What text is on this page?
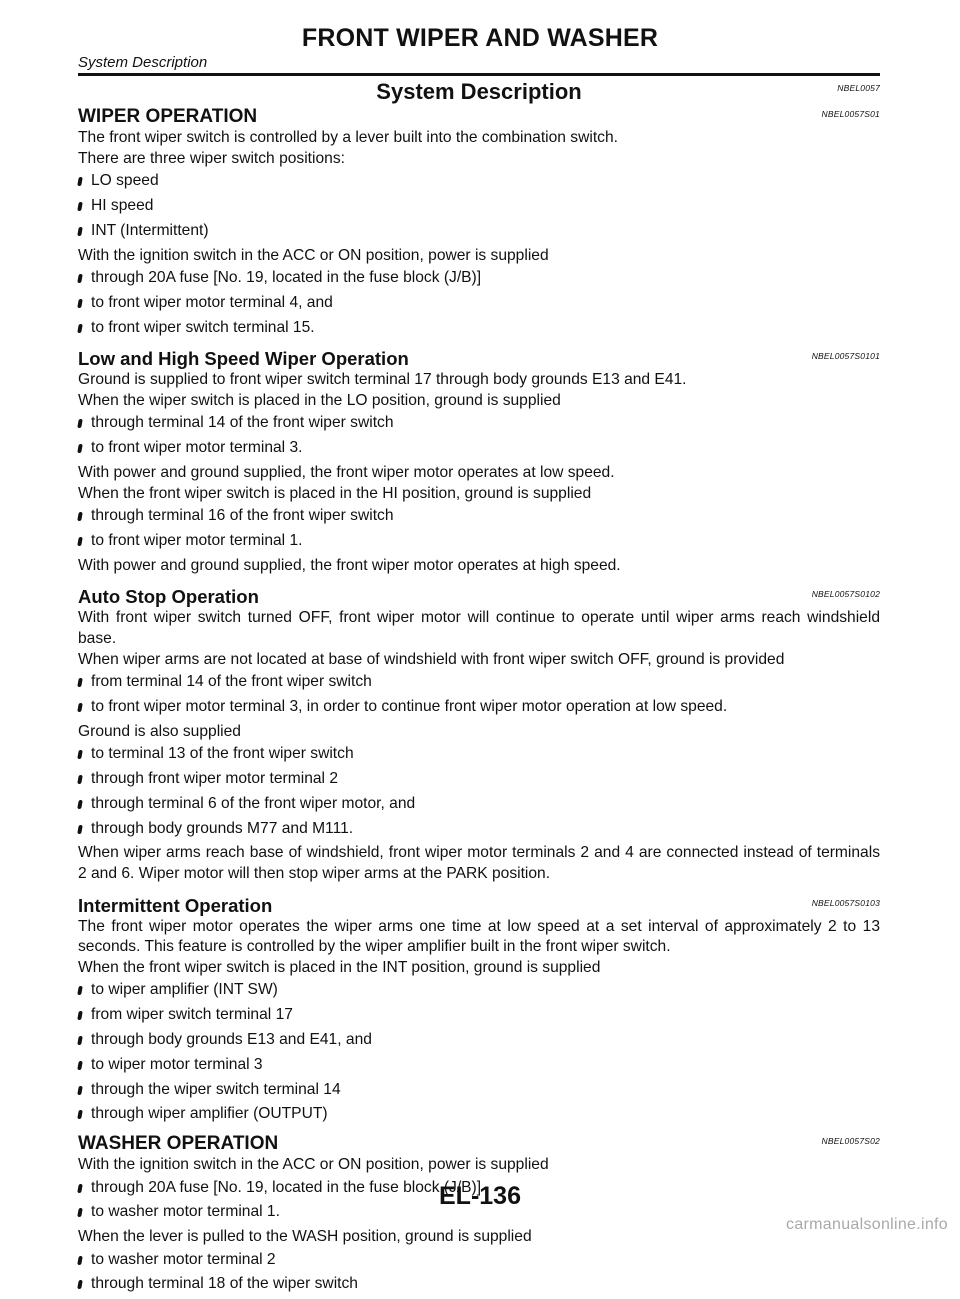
FRONT WIPER AND WASHER
System Description
System Description	NBEL0057
WIPER OPERATION	NBEL0057S01

The front wiper switch is controlled by a lever built into the combination switch.

There are three wiper switch positions:

LO speed
HI speed
INT (Intermittent)

With the ignition switch in the ACC or ON position, power is supplied

through 20A fuse [No. 19, located in the fuse block (J/B)]
to front wiper motor terminal 4, and
to front wiper switch terminal 15.
Low and High Speed Wiper Operation	NBEL0057S0101

Ground is supplied to front wiper switch terminal 17 through body grounds E13 and E41.

When the wiper switch is placed in the LO position, ground is supplied

through terminal 14 of the front wiper switch
to front wiper motor terminal 3.

With power and ground supplied, the front wiper motor operates at low speed.

When the front wiper switch is placed in the HI position, ground is supplied

through terminal 16 of the front wiper switch
to front wiper motor terminal 1.

With power and ground supplied, the front wiper motor operates at high speed.

Auto Stop Operation	NBEL0057S0102

With front wiper switch turned OFF, front wiper motor will continue to operate until wiper arms reach windshield base.

When wiper arms are not located at base of windshield with front wiper switch OFF, ground is provided

from terminal 14 of the front wiper switch
to front wiper motor terminal 3, in order to continue front wiper motor operation at low speed.

Ground is also supplied

to terminal 13 of the front wiper switch
through front wiper motor terminal 2
through terminal 6 of the front wiper motor, and
through body grounds M77 and M111.

When wiper arms reach base of windshield, front wiper motor terminals 2 and 4 are connected instead of terminals 2 and 6. Wiper motor will then stop wiper arms at the PARK position.

Intermittent Operation	NBEL0057S0103

The front wiper motor operates the wiper arms one time at low speed at a set interval of approximately 2 to 13 seconds. This feature is controlled by the wiper amplifier built in the front wiper switch.

When the front wiper switch is placed in the INT position, ground is supplied

to wiper amplifier (INT SW)
from wiper switch terminal 17
through body grounds E13 and E41, and
to wiper motor terminal 3
through the wiper switch terminal 14
through wiper amplifier (OUTPUT)
WASHER OPERATION	NBEL0057S02

With the ignition switch in the ACC or ON position, power is supplied

through 20A fuse [No. 19, located in the fuse block (J/B)]
to washer motor terminal 1.

When the lever is pulled to the WASH position, ground is supplied

to washer motor terminal 2
through terminal 18 of the wiper switch
EL-136
carmanualsonline.info
